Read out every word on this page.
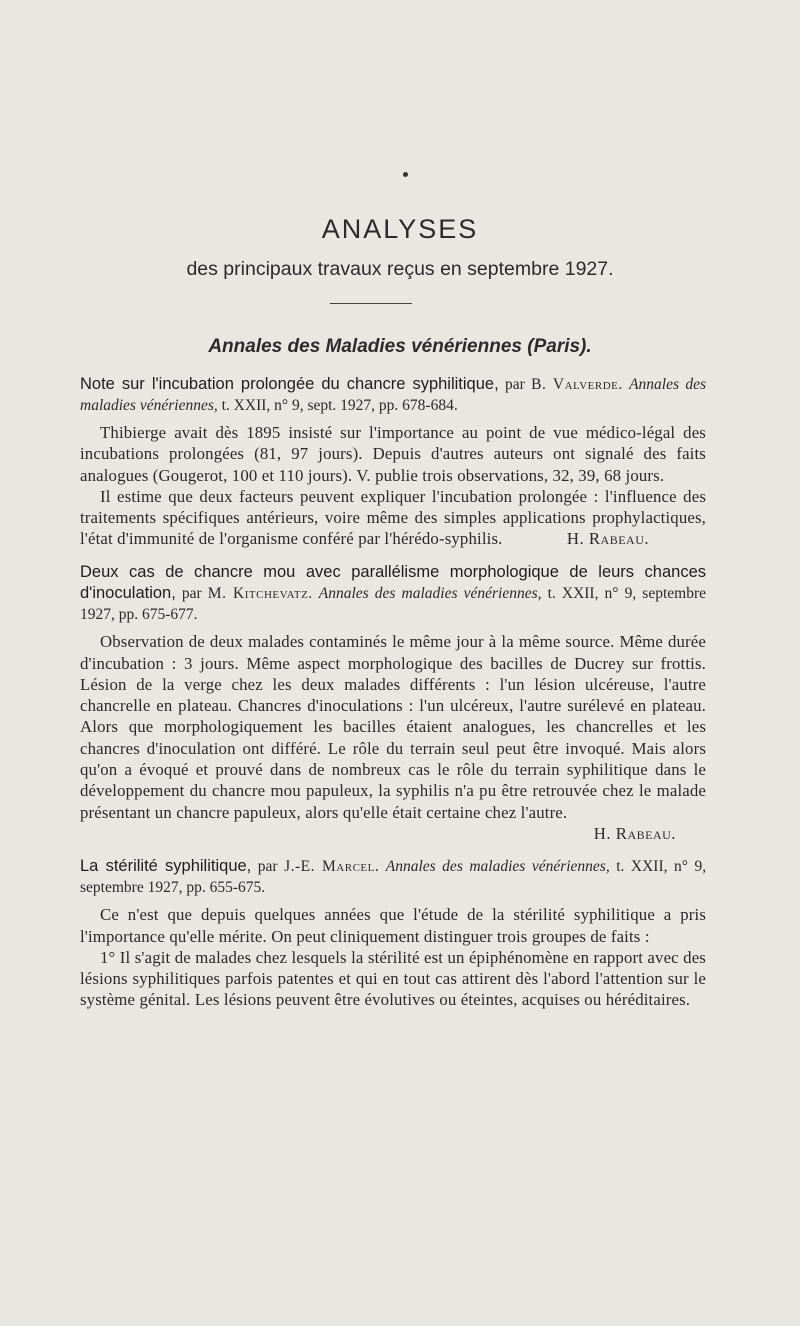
ANALYSES
des principaux travaux reçus en septembre 1927.
Annales des Maladies vénériennes (Paris).

Note sur l'incubation prolongée du chancre syphilitique, par B. Valverde. Annales des maladies vénériennes, t. XXII, n° 9, sept. 1927, pp. 678-684.

Thibierge avait dès 1895 insisté sur l'importance au point de vue médico-légal des incubations prolongées (81, 97 jours). Depuis d'autres auteurs ont signalé des faits analogues (Gougerot, 100 et 110 jours). V. publie trois observations, 32, 39, 68 jours.

Il estime que deux facteurs peuvent expliquer l'incubation prolongée : l'influence des traitements spécifiques antérieurs, voire même des simples applications prophylactiques, l'état d'immunité de l'organisme conféré par l'hérédo-syphilis.	H. Rabeau.

Deux cas de chancre mou avec parallélisme morphologique de leurs chances d'inoculation, par M. Kitchevatz. Annales des maladies vénériennes, t. XXII, n° 9, septembre 1927, pp. 675-677.

Observation de deux malades contaminés le même jour à la même source. Même durée d'incubation : 3 jours. Même aspect morphologique des bacilles de Ducrey sur frottis. Lésion de la verge chez les deux malades différents : l'un lésion ulcéreuse, l'autre chancrelle en plateau. Chancres d'inoculations : l'un ulcéreux, l'autre surélevé en plateau. Alors que morphologiquement les bacilles étaient analogues, les chancrelles et les chancres d'inoculation ont différé. Le rôle du terrain seul peut être invoqué. Mais alors qu'on a évoqué et prouvé dans de nombreux cas le rôle du terrain syphilitique dans le développement du chancre mou papuleux, la syphilis n'a pu être retrouvée chez le malade présentant un chancre papuleux, alors qu'elle était certaine chez l'autre.

H. Rabeau.

La stérilité syphilitique, par J.-E. Marcel. Annales des maladies vénériennes, t. XXII, n° 9, septembre 1927, pp. 655-675.

Ce n'est que depuis quelques années que l'étude de la stérilité syphilitique a pris l'importance qu'elle mérite. On peut cliniquement distinguer trois groupes de faits :

1° Il s'agit de malades chez lesquels la stérilité est un épiphénomène en rapport avec des lésions syphilitiques parfois patentes et qui en tout cas attirent dès l'abord l'attention sur le système génital. Les lésions peuvent être évolutives ou éteintes, acquises ou héréditaires.
